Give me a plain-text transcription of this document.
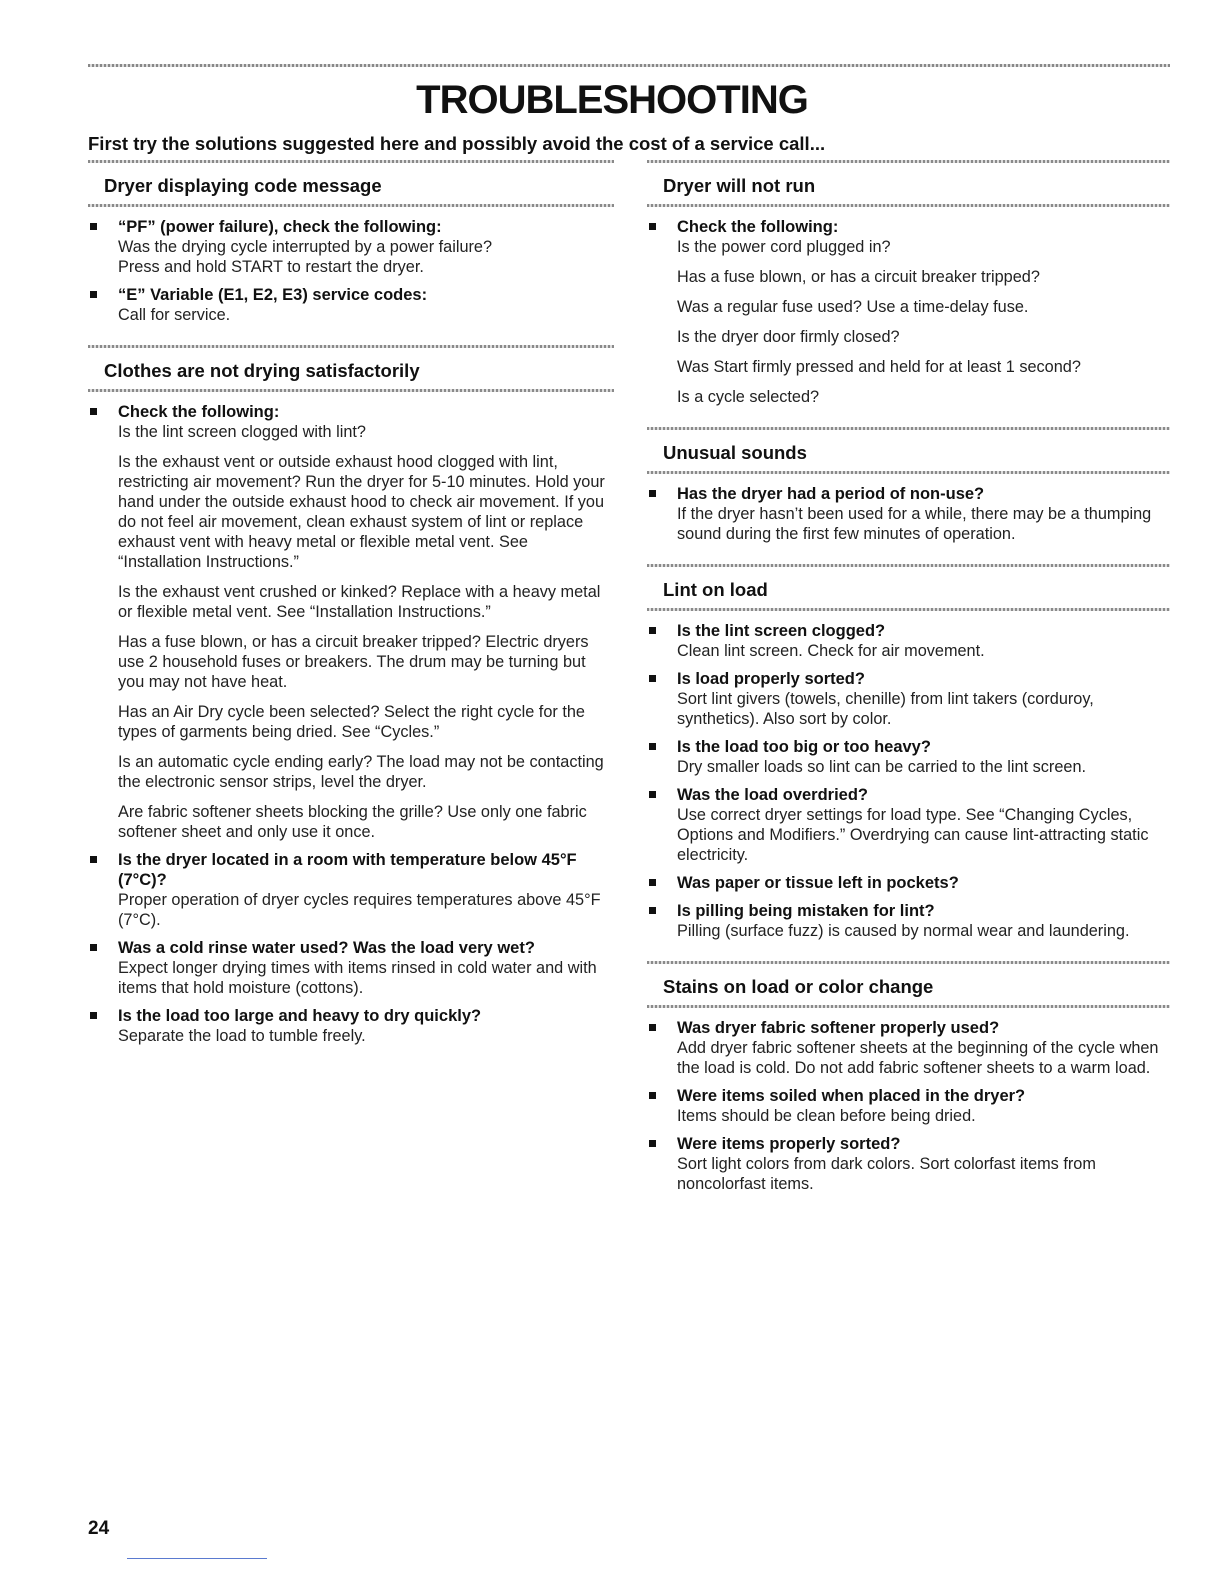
TROUBLESHOOTING

First try the solutions suggested here and possibly avoid the cost of a service call...

Dryer displaying code message

“PF” (power failure), check the following:

Was the drying cycle interrupted by a power failure?
Press and hold START to restart the dryer.

“E” Variable (E1, E2, E3) service codes:

Call for service.

Clothes are not drying satisfactorily

Check the following:

Is the lint screen clogged with lint?

Is the exhaust vent or outside exhaust hood clogged with lint, restricting air movement? Run the dryer for 5-10 minutes. Hold your hand under the outside exhaust hood to check air movement. If you do not feel air movement, clean exhaust system of lint or replace exhaust vent with heavy metal or flexible metal vent. See “Installation Instructions.”

Is the exhaust vent crushed or kinked? Replace with a heavy metal or flexible metal vent. See “Installation Instructions.”

Has a fuse blown, or has a circuit breaker tripped? Electric dryers use 2 household fuses or breakers. The drum may be turning but you may not have heat.

Has an Air Dry cycle been selected? Select the right cycle for the types of garments being dried. See “Cycles.”

Is an automatic cycle ending early? The load may not be contacting the electronic sensor strips, level the dryer.

Are fabric softener sheets blocking the grille? Use only one fabric softener sheet and only use it once.

Is the dryer located in a room with temperature below 45°F (7°C)?

Proper operation of dryer cycles requires temperatures above 45°F (7°C).

Was a cold rinse water used? Was the load very wet?

Expect longer drying times with items rinsed in cold water and with items that hold moisture (cottons).

Is the load too large and heavy to dry quickly?

Separate the load to tumble freely.

Dryer will not run

Check the following:

Is the power cord plugged in?

Has a fuse blown, or has a circuit breaker tripped?

Was a regular fuse used? Use a time-delay fuse.

Is the dryer door firmly closed?

Was Start firmly pressed and held for at least 1 second?

Is a cycle selected?

Unusual sounds

Has the dryer had a period of non-use?

If the dryer hasn’t been used for a while, there may be a thumping sound during the first few minutes of operation.

Lint on load

Is the lint screen clogged?

Clean lint screen. Check for air movement.

Is load properly sorted?

Sort lint givers (towels, chenille) from lint takers (corduroy, synthetics). Also sort by color.

Is the load too big or too heavy?

Dry smaller loads so lint can be carried to the lint screen.

Was the load overdried?

Use correct dryer settings for load type. See “Changing Cycles, Options and Modifiers.” Overdrying can cause lint-attracting static electricity.

Was paper or tissue left in pockets?

Is pilling being mistaken for lint?

Pilling (surface fuzz) is caused by normal wear and laundering.

Stains on load or color change

Was dryer fabric softener properly used?

Add dryer fabric softener sheets at the beginning of the cycle when the load is cold. Do not add fabric softener sheets to a warm load.

Were items soiled when placed in the dryer?

Items should be clean before being dried.

Were items properly sorted?

Sort light colors from dark colors. Sort colorfast items from noncolorfast items.

24
